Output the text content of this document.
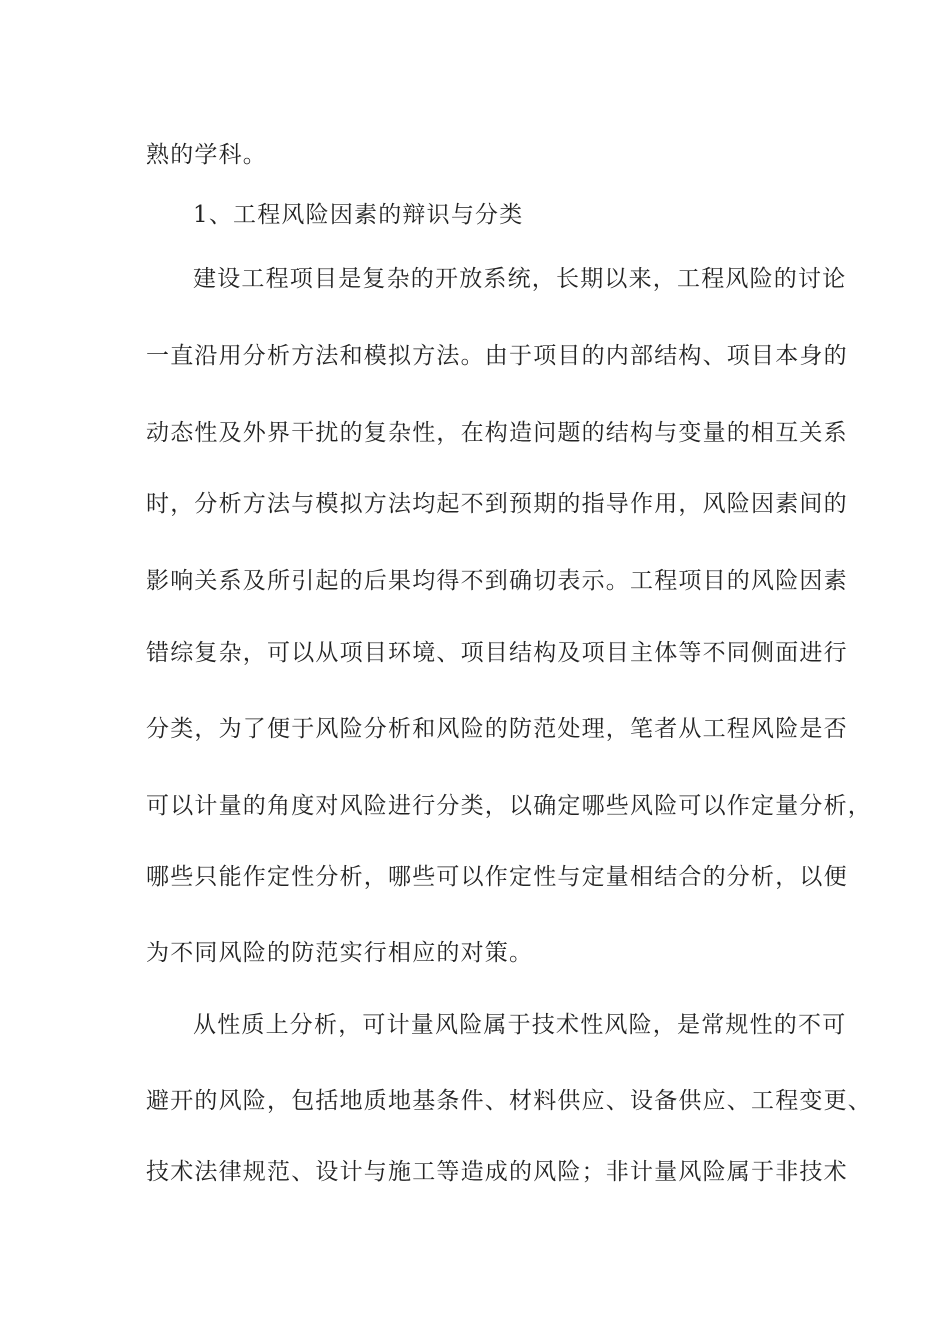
熟的学科。
1、工程风险因素的辩识与分类
建设工程项目是复杂的开放系统，长期以来，工程风险的讨论
一直沿用分析方法和模拟方法。由于项目的内部结构、项目本身的
动态性及外界干扰的复杂性，在构造问题的结构与变量的相互关系
时，分析方法与模拟方法均起不到预期的指导作用，风险因素间的
影响关系及所引起的后果均得不到确切表示。工程项目的风险因素
错综复杂，可以从项目环境、项目结构及项目主体等不同侧面进行
分类，为了便于风险分析和风险的防范处理，笔者从工程风险是否
可以计量的角度对风险进行分类，以确定哪些风险可以作定量分析，
哪些只能作定性分析，哪些可以作定性与定量相结合的分析，以便
为不同风险的防范实行相应的对策。
从性质上分析，可计量风险属于技术性风险，是常规性的不可
避开的风险，包括地质地基条件、材料供应、设备供应、工程变更、
技术法律规范、设计与施工等造成的风险；非计量风险属于非技术
